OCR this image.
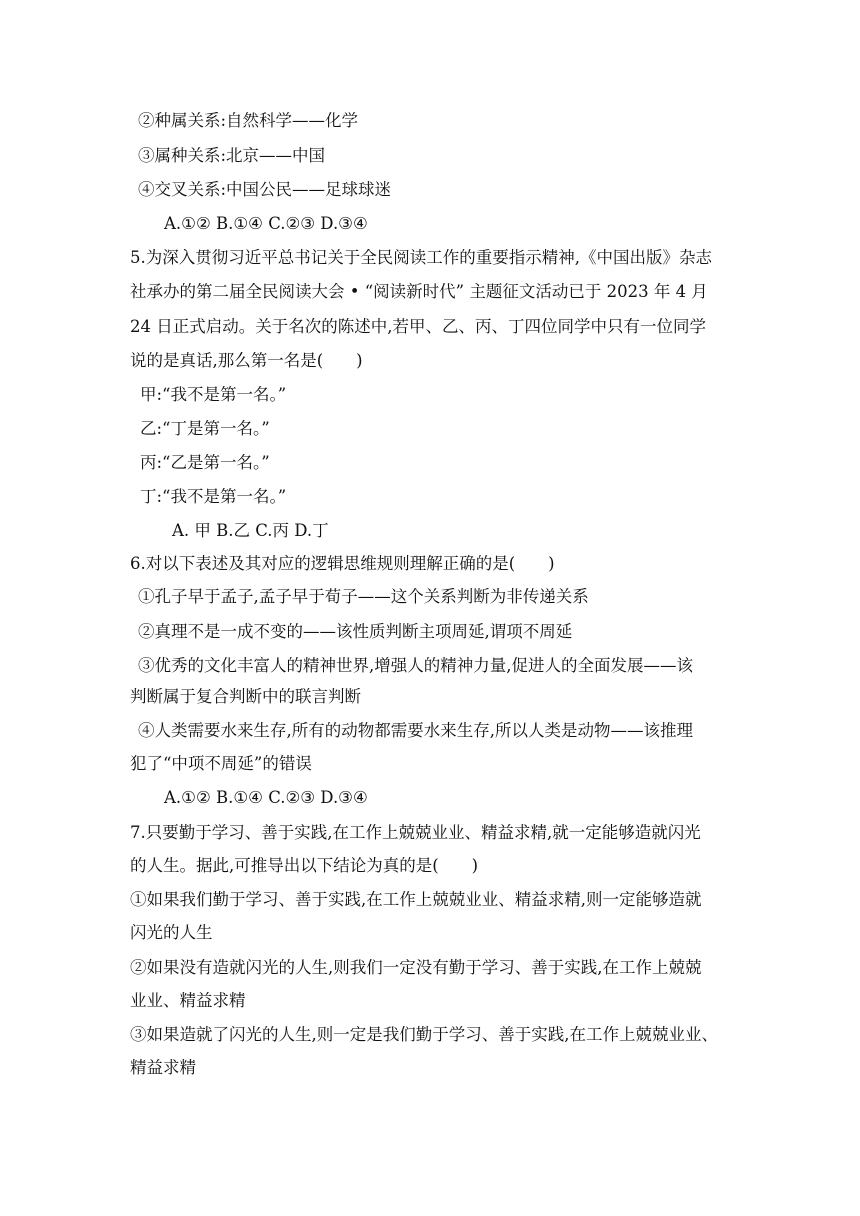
②种属关系:自然科学——化学
③属种关系:北京——中国
④交叉关系:中国公民——足球球迷
A.①② B.①④ C.②③ D.③④
5.为深入贯彻习近平总书记关于全民阅读工作的重要指示精神,《中国出版》杂志
社承办的第二届全民阅读大会 • “阅读新时代” 主题征文活动已于 2023 年 4 月
24 日正式启动。关于名次的陈述中,若甲、乙、丙、丁四位同学中只有一位同学
说的是真话,那么第一名是(　　)
甲:“我不是第一名。”
乙:“丁是第一名。”
丙:“乙是第一名。”
丁:“我不是第一名。”
A. 甲 B.乙 C.丙 D.丁
6.对以下表述及其对应的逻辑思维规则理解正确的是(　　)
①孔子早于孟子,孟子早于荀子——这个关系判断为非传递关系
②真理不是一成不变的——该性质判断主项周延,谓项不周延
③优秀的文化丰富人的精神世界,增强人的精神力量,促进人的全面发展——该
判断属于复合判断中的联言判断
④人类需要水来生存,所有的动物都需要水来生存,所以人类是动物——该推理
犯了“中项不周延”的错误
A.①② B.①④ C.②③ D.③④
7.只要勤于学习、善于实践,在工作上兢兢业业、精益求精,就一定能够造就闪光
的人生。据此,可推导出以下结论为真的是(　　)
①如果我们勤于学习、善于实践,在工作上兢兢业业、精益求精,则一定能够造就
闪光的人生
②如果没有造就闪光的人生,则我们一定没有勤于学习、善于实践,在工作上兢兢
业业、精益求精
③如果造就了闪光的人生,则一定是我们勤于学习、善于实践,在工作上兢兢业业、
精益求精
